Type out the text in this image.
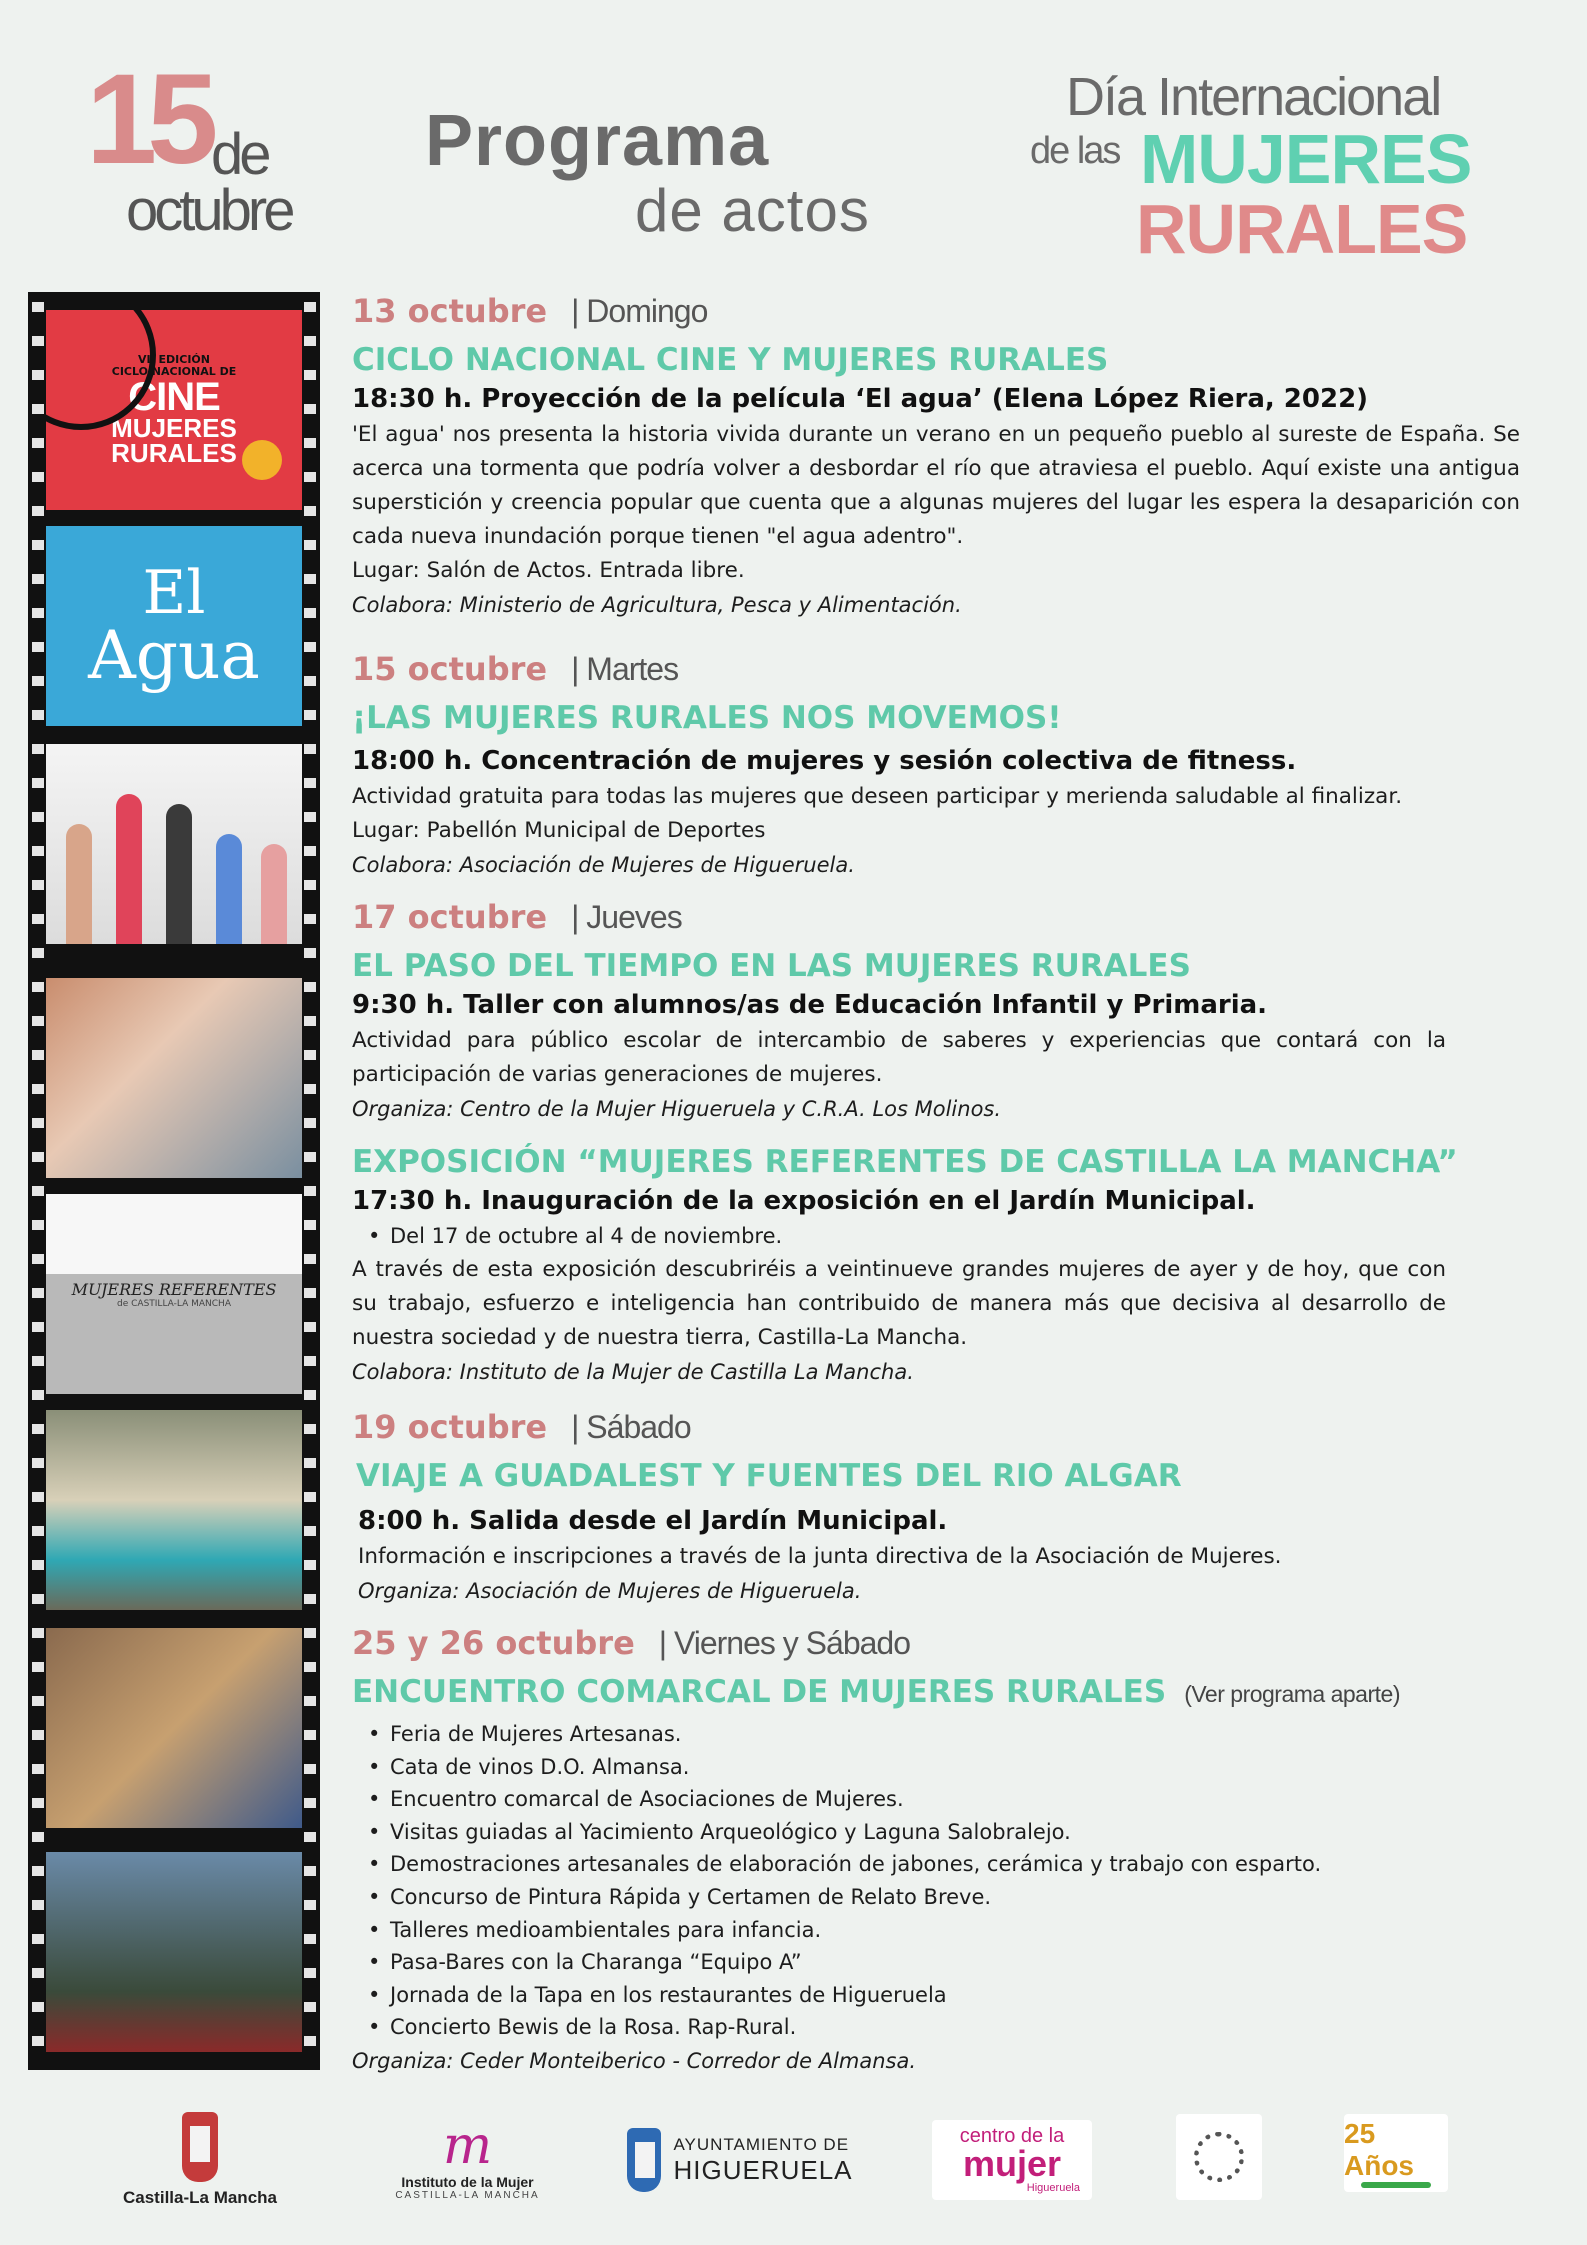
15 de
octubre
Programa
de actos
Día Internacional
de las MUJERES
RURALES
VII EDICIÓN
CICLO NACIONAL DE
CINE
MUJERES
RURALES
El
Agua
MUJERES REFERENTES
de CASTILLA-LA MANCHA
13 octubre | Domingo
CICLO NACIONAL CINE Y MUJERES RURALES
18:30 h. Proyección de la película ‘El agua’ (Elena López Riera, 2022)
'El agua' nos presenta la historia vivida durante un verano en un pequeño pueblo al sureste de España. Se acerca una tormenta que podría volver a desbordar el río que atraviesa el pueblo. Aquí existe una antigua superstición y creencia popular que cuenta que a algunas mujeres del lugar les espera la desaparición con cada nueva inundación porque tienen "el agua adentro".
Lugar: Salón de Actos. Entrada libre.
Colabora: Ministerio de Agricultura, Pesca y Alimentación.
15 octubre | Martes
¡LAS MUJERES RURALES NOS MOVEMOS!
18:00 h. Concentración de mujeres y sesión colectiva de fitness.
Actividad gratuita para todas las mujeres que deseen participar y merienda saludable al finalizar.
Lugar: Pabellón Municipal de Deportes
Colabora: Asociación de Mujeres de Higueruela.
17 octubre | Jueves
EL PASO DEL TIEMPO EN LAS MUJERES RURALES
9:30 h. Taller con alumnos/as de Educación Infantil y Primaria.
Actividad para público escolar de intercambio de saberes y experiencias que contará con la participación de varias generaciones de mujeres.
Organiza: Centro de la Mujer Higueruela y C.R.A. Los Molinos.
EXPOSICIÓN “MUJERES REFERENTES DE CASTILLA LA MANCHA”
17:30 h. Inauguración de la exposición en el Jardín Municipal.
• Del 17 de octubre al 4 de noviembre.
A través de esta exposición descubriréis a veintinueve grandes mujeres de ayer y de hoy, que con su trabajo, esfuerzo e inteligencia han contribuido de manera más que decisiva al desarrollo de nuestra sociedad y de nuestra tierra, Castilla-La Mancha.
Colabora: Instituto de la Mujer de Castilla La Mancha.
19 octubre | Sábado
VIAJE A GUADALEST Y FUENTES DEL RIO ALGAR
8:00 h. Salida desde el Jardín Municipal.
Información e inscripciones a través de la junta directiva de la Asociación de Mujeres.
Organiza: Asociación de Mujeres de Higueruela.
25 y 26 octubre | Viernes y Sábado
ENCUENTRO COMARCAL DE MUJERES RURALES (Ver programa aparte)
• Feria de Mujeres Artesanas.
• Cata de vinos D.O. Almansa.
• Encuentro comarcal de Asociaciones de Mujeres.
• Visitas guiadas al Yacimiento Arqueológico y Laguna Salobralejo.
• Demostraciones artesanales de elaboración de jabones, cerámica y trabajo con esparto.
• Concurso de Pintura Rápida y Certamen de Relato Breve.
• Talleres medioambientales para infancia.
• Pasa-Bares con la Charanga “Equipo A”
• Jornada de la Tapa en los restaurantes de Higueruela
• Concierto Bewis de la Rosa. Rap-Rural.
Organiza: Ceder Monteiberico - Corredor de Almansa.
Castilla-La Mancha
m
Instituto de la Mujer
CASTILLA-LA MANCHA
AYUNTAMIENTO DE
HIGUERUELA
centro de la
mujer
Higueruela
25 Años
